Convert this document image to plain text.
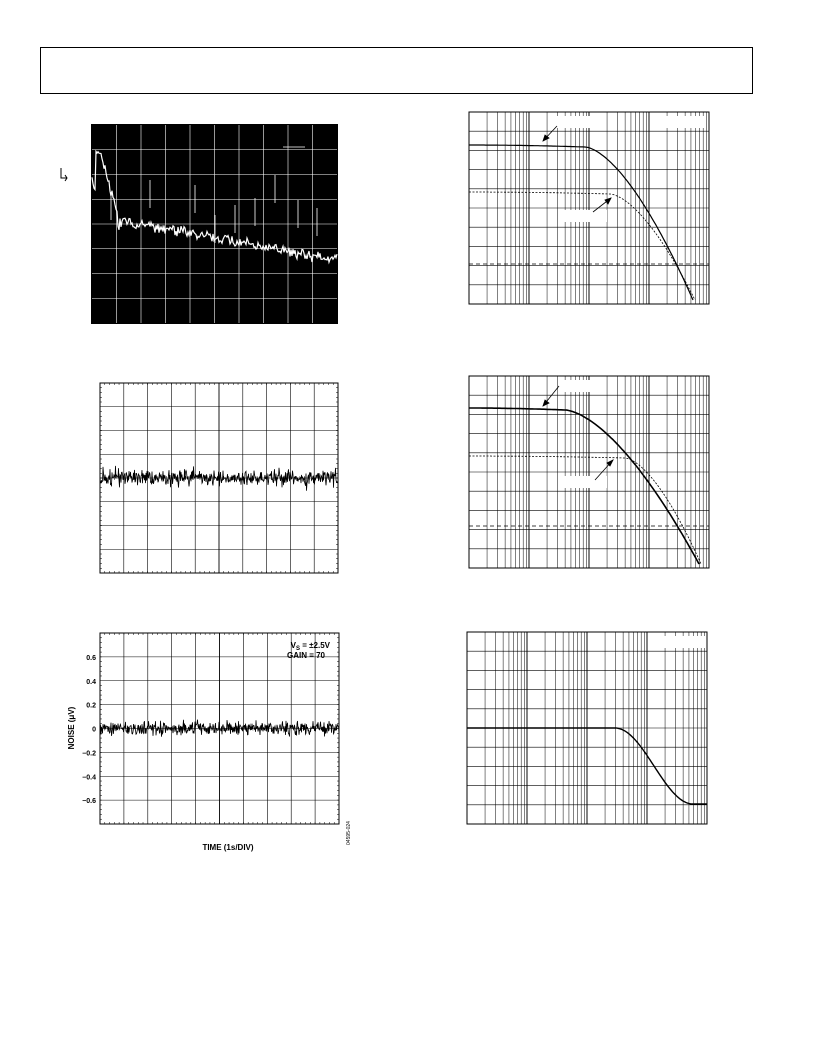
0.6
0.4
0.2
0
−0.2
−0.4
−0.6
$V_S = \pm 2.5V$
GAIN = 70
NOISE (μV)
TIME (1s/DIV)
04595-024
